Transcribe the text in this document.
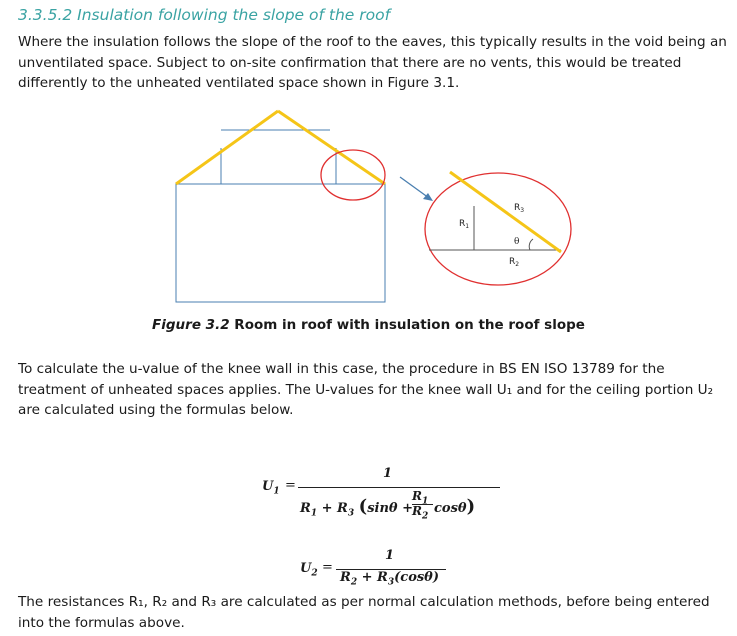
3.3.5.2 Insulation following the slope of the roof
Where the insulation follows the slope of the roof to the eaves, this typically results in the void being an unventilated space. Subject to on-site confirmation that there are no vents, this would be treated differently to the unheated ventilated space shown in Figure 3.1.
$R_1$
$R_3$
$R_2$
θ
Figure 3.2 Room in roof with insulation on the roof slope
To calculate the u-value of the knee wall in this case, the procedure in BS EN ISO 13789 for the treatment of unheated spaces applies. The U-values for the knee wall U₁ and for the ceiling portion U₂ are calculated using the formulas below.
$U_1$ =
1
$R_1 + R_3$ (sinθ +
$R_1$
$R_2$
cosθ)
$U_2$ =
1
$R_2 + R_3(\cos\theta)$
The resistances R₁, R₂ and R₃ are calculated as per normal calculation methods, before being entered into the formulas above.
